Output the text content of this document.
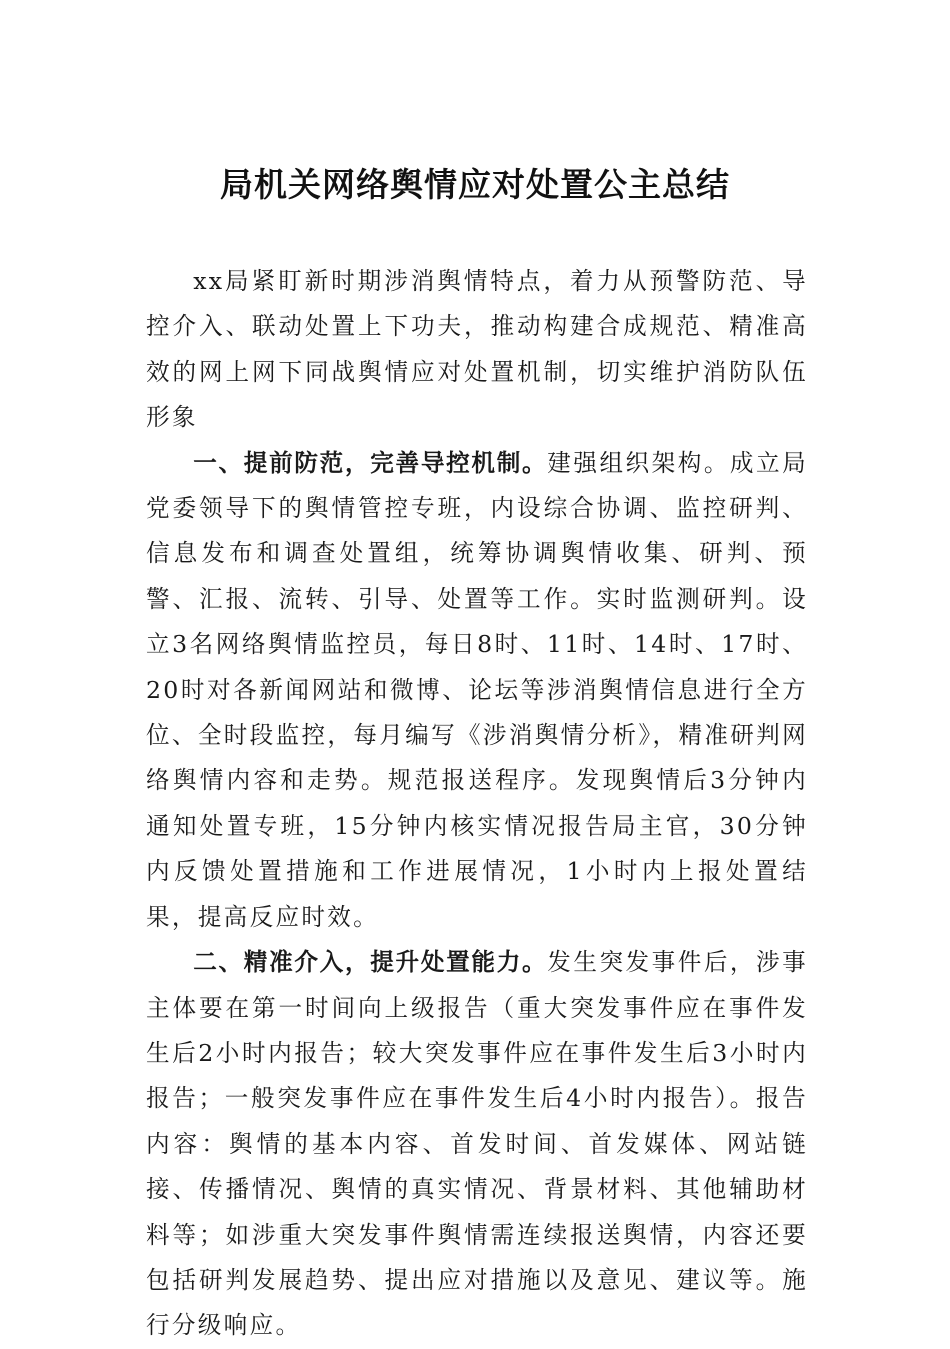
局机关网络舆情应对处置公主总结

xx局紧盯新时期涉消舆情特点，着力从预警防范、导控介入、联动处置上下功夫，推动构建合成规范、精准高效的网上网下同战舆情应对处置机制，切实维护消防队伍形象

一、提前防范，完善导控机制。建强组织架构。成立局党委领导下的舆情管控专班，内设综合协调、监控研判、信息发布和调查处置组，统筹协调舆情收集、研判、预警、汇报、流转、引导、处置等工作。实时监测研判。设立3名网络舆情监控员，每日8时、11时、14时、17时、20时对各新闻网站和微博、论坛等涉消舆情信息进行全方位、全时段监控，每月编写《涉消舆情分析》，精准研判网络舆情内容和走势。规范报送程序。发现舆情后3分钟内通知处置专班，15分钟内核实情况报告局主官，30分钟内反馈处置措施和工作进展情况，1小时内上报处置结果，提高反应时效。

二、精准介入，提升处置能力。发生突发事件后，涉事主体要在第一时间向上级报告（重大突发事件应在事件发生后2小时内报告；较大突发事件应在事件发生后3小时内报告；一般突发事件应在事件发生后4小时内报告）。报告内容：舆情的基本内容、首发时间、首发媒体、网站链接、传播情况、舆情的真实情况、背景材料、其他辅助材料等；如涉重大突发事件舆情需连续报送舆情，内容还要包括研判发展趋势、提出应对措施以及意见、建议等。施行分级响应。
